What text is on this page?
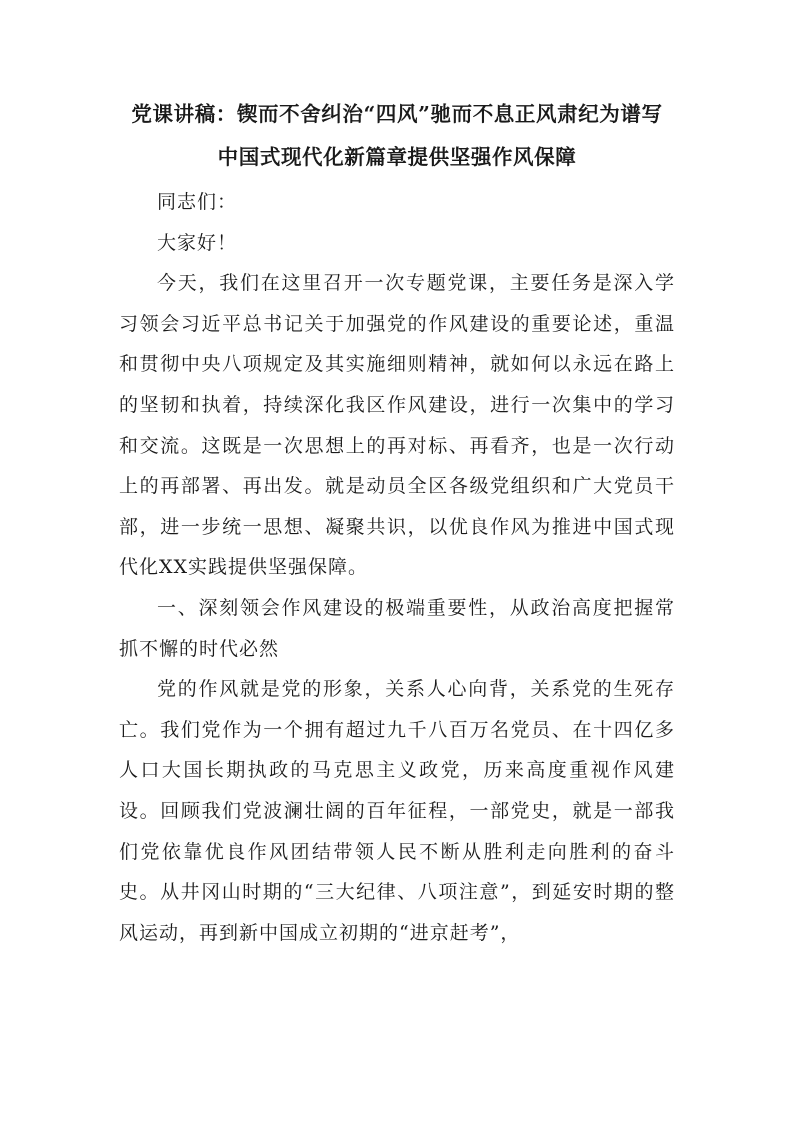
党课讲稿：锲而不舍纠治“四风”驰而不息正风肃纪为谱写
中国式现代化新篇章提供坚强作风保障

同志们：

大家好！

今天，我们在这里召开一次专题党课，主要任务是深入学习领会习近平总书记关于加强党的作风建设的重要论述，重温和贯彻中央八项规定及其实施细则精神，就如何以永远在路上的坚韧和执着，持续深化我区作风建设，进行一次集中的学习和交流。这既是一次思想上的再对标、再看齐，也是一次行动上的再部署、再出发。就是动员全区各级党组织和广大党员干部，进一步统一思想、凝聚共识，以优良作风为推进中国式现代化XX实践提供坚强保障。

一、深刻领会作风建设的极端重要性，从政治高度把握常抓不懈的时代必然

党的作风就是党的形象，关系人心向背，关系党的生死存亡。我们党作为一个拥有超过九千八百万名党员、在十四亿多人口大国长期执政的马克思主义政党，历来高度重视作风建设。回顾我们党波澜壮阔的百年征程，一部党史，就是一部我们党依靠优良作风团结带领人民不断从胜利走向胜利的奋斗史。从井冈山时期的“三大纪律、八项注意”，到延安时期的整风运动，再到新中国成立初期的“进京赶考”，
